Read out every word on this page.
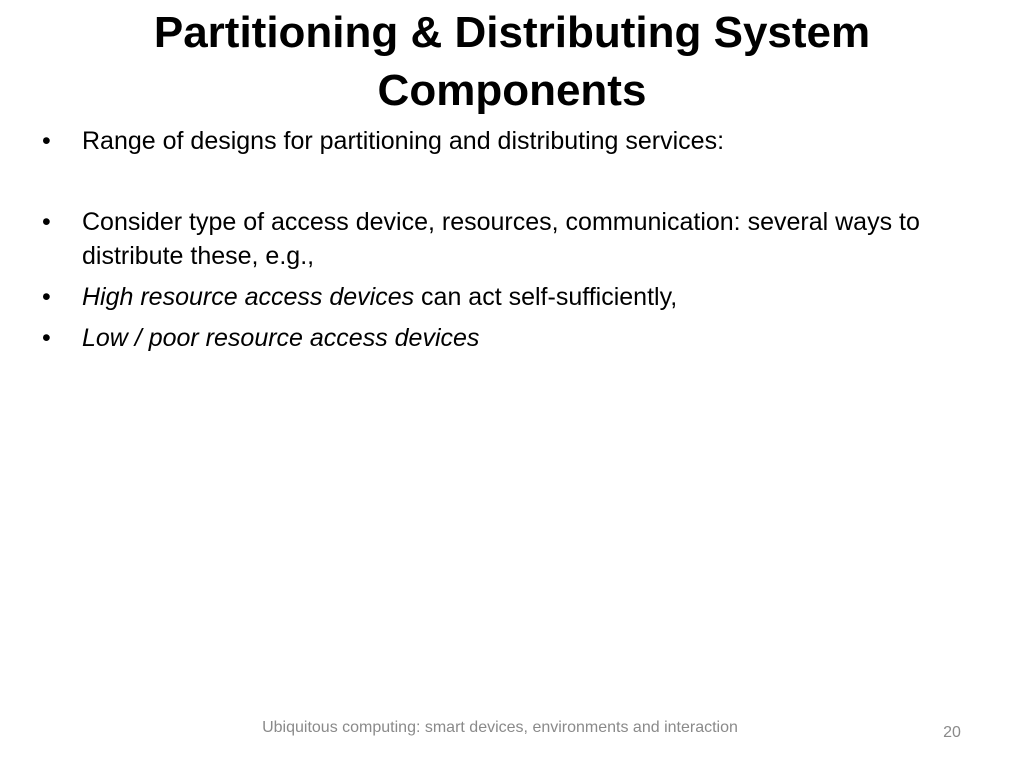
Partitioning & Distributing System Components
• Range of designs for partitioning and distributing services:
• Consider type of access device, resources, communication: several ways to distribute these, e.g.,
• High resource access devices can act self-sufficiently,
• Low / poor resource access devices
Ubiquitous computing: smart devices, environments and interaction	20
